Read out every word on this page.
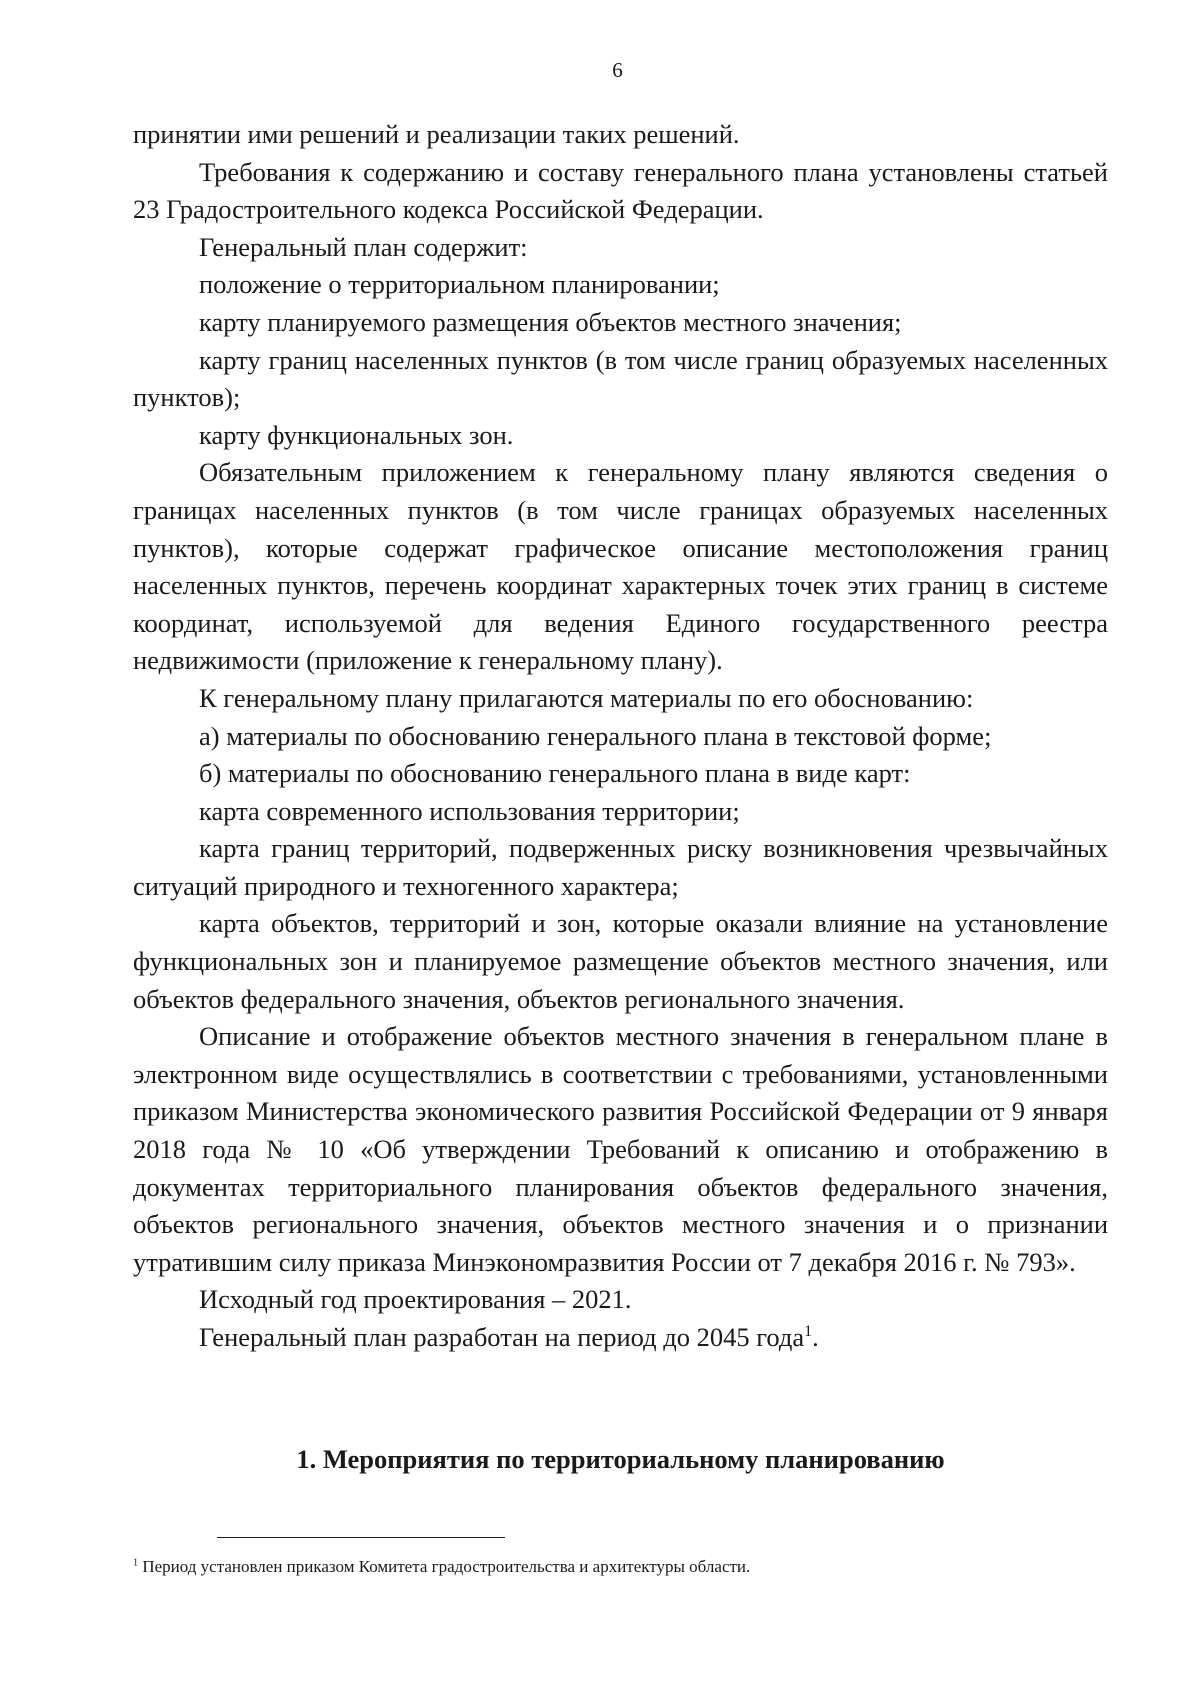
6

принятии ими решений и реализации таких решений.

Требования к содержанию и составу генерального плана установлены статьей 23 Градостроительного кодекса Российской Федерации.

Генеральный план содержит:

положение о территориальном планировании;

карту планируемого размещения объектов местного значения;

карту границ населенных пунктов (в том числе границ образуемых населенных пунктов);

карту функциональных зон.

Обязательным приложением к генеральному плану являются сведения о границах населенных пунктов (в том числе границах образуемых населенных пунктов), которые содержат графическое описание местоположения границ населенных пунктов, перечень координат характерных точек этих границ в системе координат, используемой для ведения Единого государственного реестра недвижимости (приложение к генеральному плану).

К генеральному плану прилагаются материалы по его обоснованию:

а) материалы по обоснованию генерального плана в текстовой форме;

б) материалы по обоснованию генерального плана в виде карт:

карта современного использования территории;

карта границ территорий, подверженных риску возникновения чрезвычайных ситуаций природного и техногенного характера;

карта объектов, территорий и зон, которые оказали влияние на установление функциональных зон и планируемое размещение объектов местного значения, или объектов федерального значения, объектов регионального значения.

Описание и отображение объектов местного значения в генеральном плане в электронном виде осуществлялись в соответствии с требованиями, установленными приказом Министерства экономического развития Российской Федерации от 9 января 2018 года № 10 «Об утверждении Требований к описанию и отображению в документах территориального планирования объектов федерального значения, объектов регионального значения, объектов местного значения и о признании утратившим силу приказа Минэкономразвития России от 7 декабря 2016 г. № 793».

Исходный год проектирования – 2021.

Генеральный план разработан на период до 2045 года$^1$.

1. Мероприятия по территориальному планированию
$^1$ Период установлен приказом Комитета градостроительства и архитектуры области.
